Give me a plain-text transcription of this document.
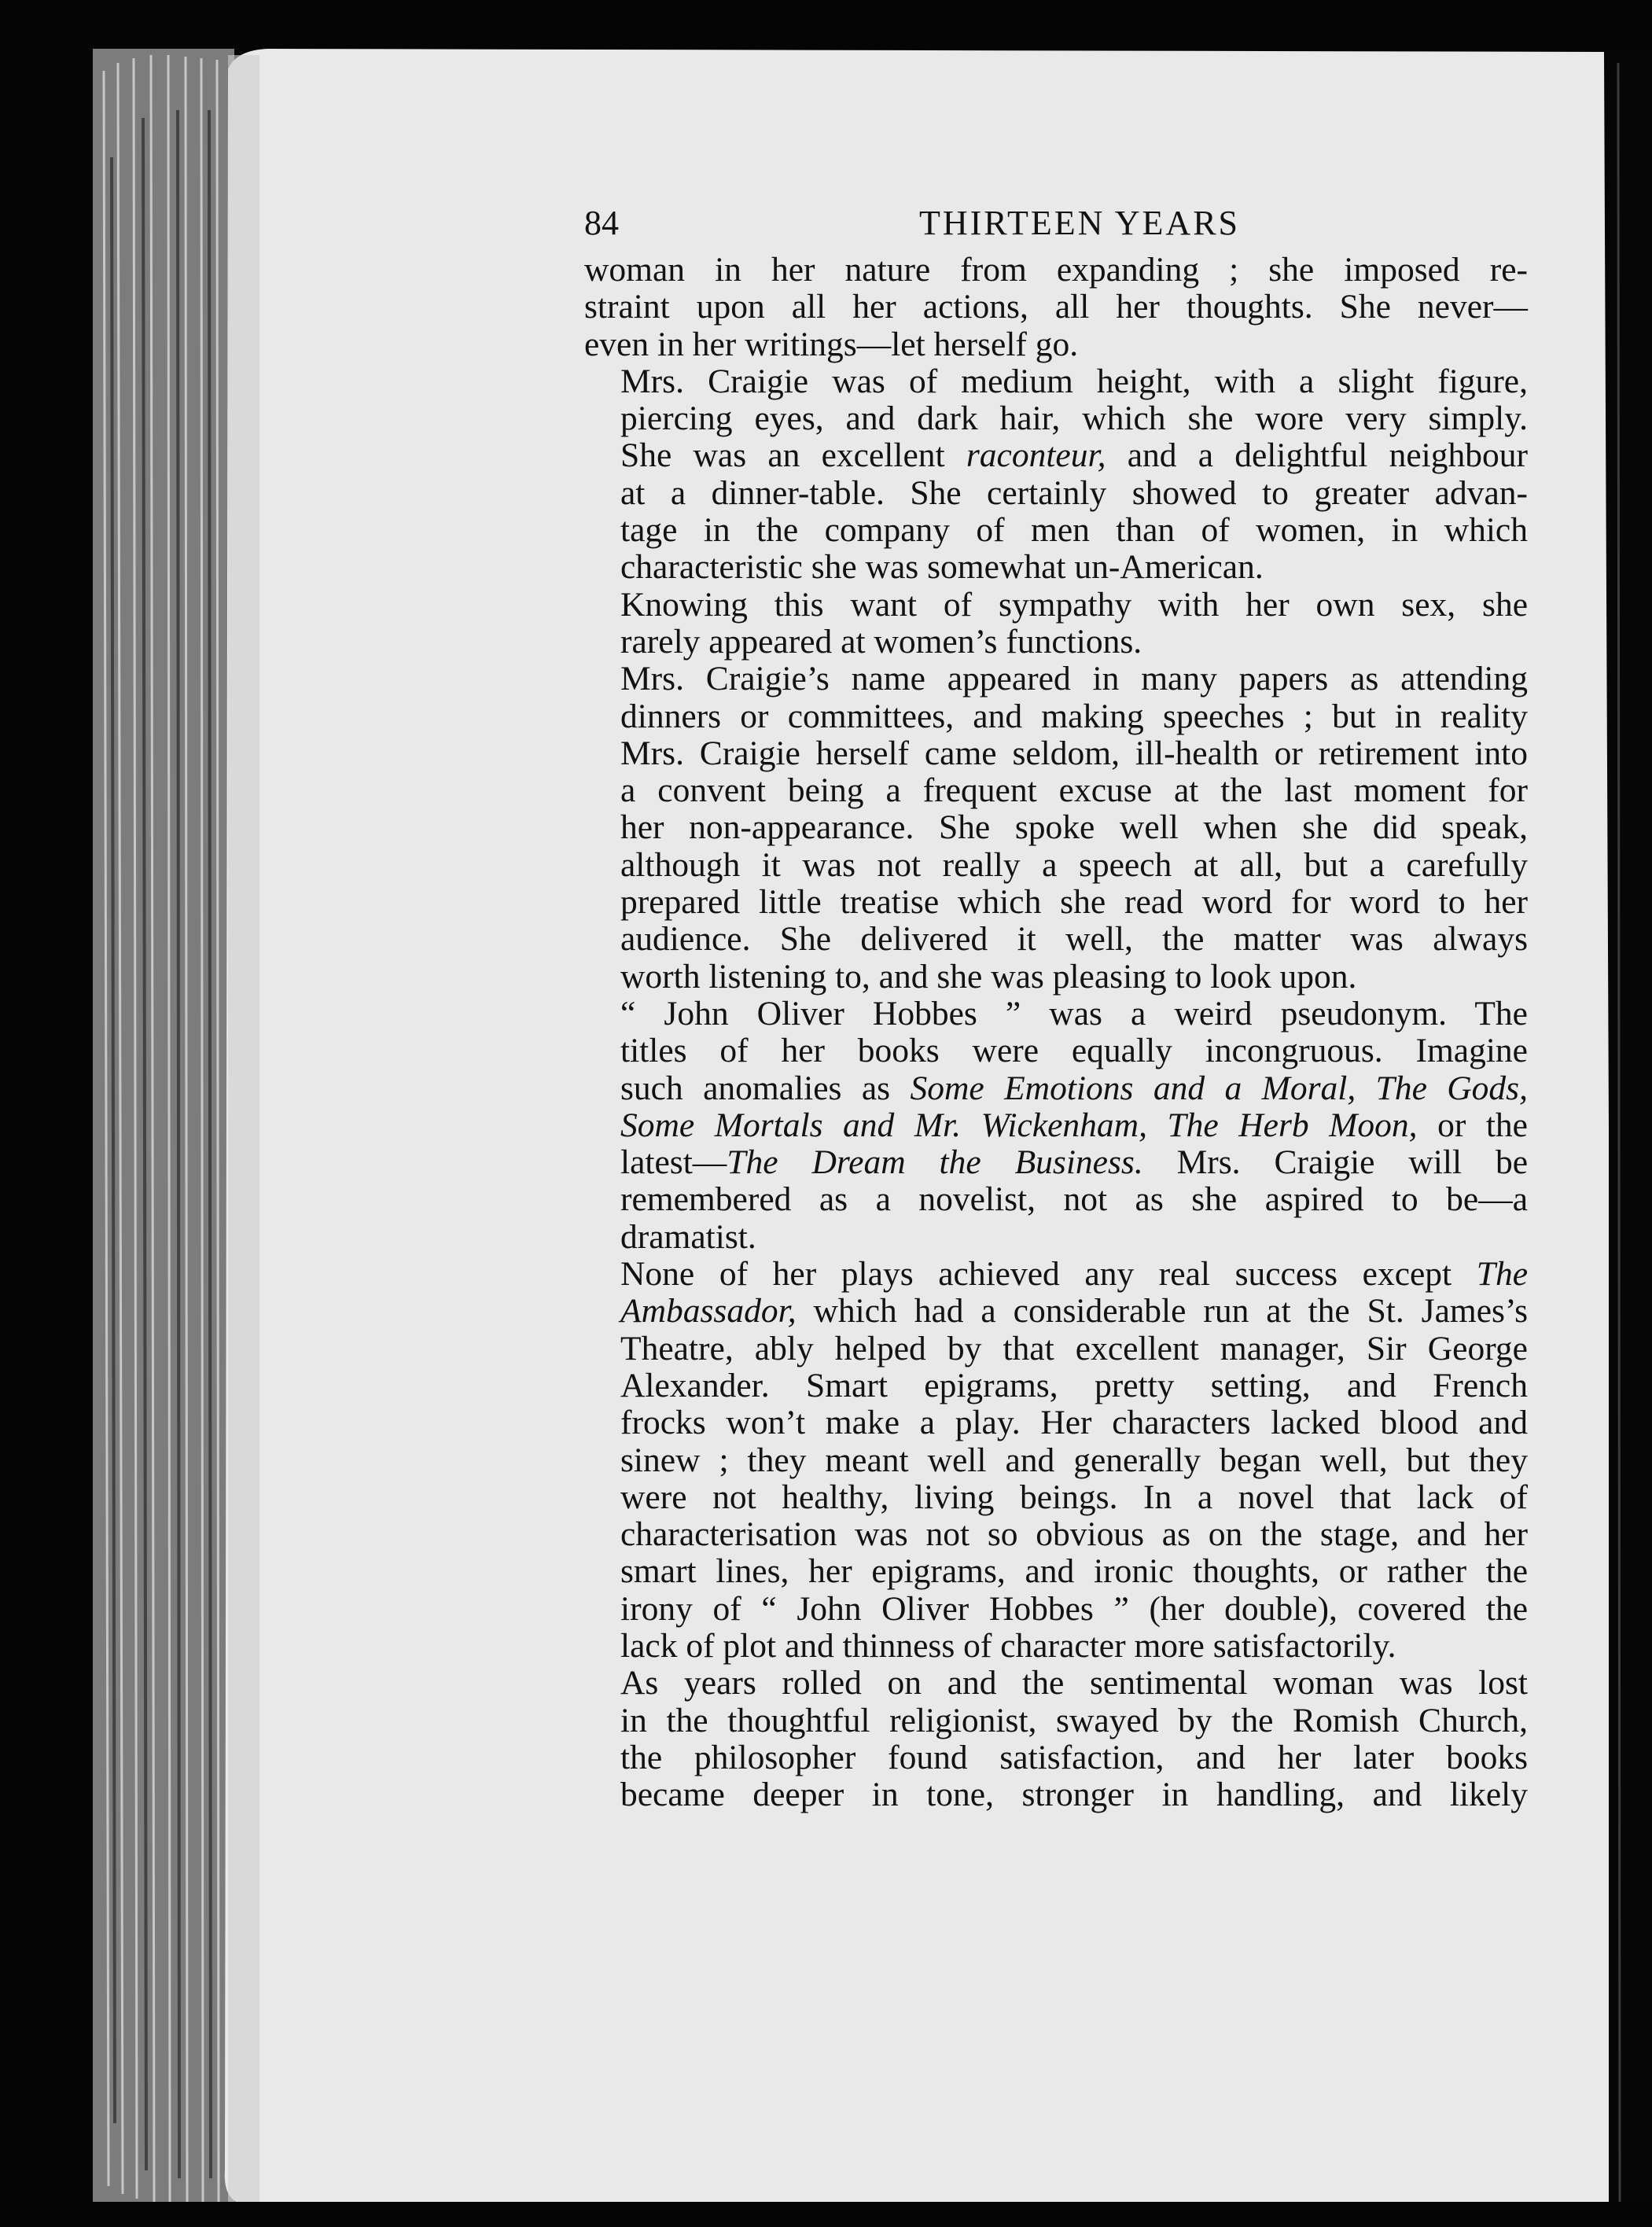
84	THIRTEEN YEARS

woman in her nature from expanding ; she imposed re-
straint upon all her actions, all her thoughts. She never—
even in her writings—let herself go.

Mrs. Craigie was of medium height, with a slight figure,
piercing eyes, and dark hair, which she wore very simply.
She was an excellent raconteur, and a delightful neighbour
at a dinner-table. She certainly showed to greater advan-
tage in the company of men than of women, in which
characteristic she was somewhat un-American.

Knowing this want of sympathy with her own sex, she
rarely appeared at women’s functions.

Mrs. Craigie’s name appeared in many papers as attending
dinners or committees, and making speeches ; but in reality
Mrs. Craigie herself came seldom, ill-health or retirement into
a convent being a frequent excuse at the last moment for
her non-appearance. She spoke well when she did speak,
although it was not really a speech at all, but a carefully
prepared little treatise which she read word for word to her
audience. She delivered it well, the matter was always
worth listening to, and she was pleasing to look upon.

“ John Oliver Hobbes ” was a weird pseudonym. The
titles of her books were equally incongruous. Imagine
such anomalies as Some Emotions and a Moral, The Gods,
Some Mortals and Mr. Wickenham, The Herb Moon, or the
latest—The Dream the Business. Mrs. Craigie will be
remembered as a novelist, not as she aspired to be—a
dramatist.

None of her plays achieved any real success except The
Ambassador, which had a considerable run at the St. James’s
Theatre, ably helped by that excellent manager, Sir George
Alexander. Smart epigrams, pretty setting, and French
frocks won’t make a play. Her characters lacked blood and
sinew ; they meant well and generally began well, but they
were not healthy, living beings. In a novel that lack of
characterisation was not so obvious as on the stage, and her
smart lines, her epigrams, and ironic thoughts, or rather the
irony of “ John Oliver Hobbes ” (her double), covered the
lack of plot and thinness of character more satisfactorily.

As years rolled on and the sentimental woman was lost
in the thoughtful religionist, swayed by the Romish Church,
the philosopher found satisfaction, and her later books
became deeper in tone, stronger in handling, and likely
